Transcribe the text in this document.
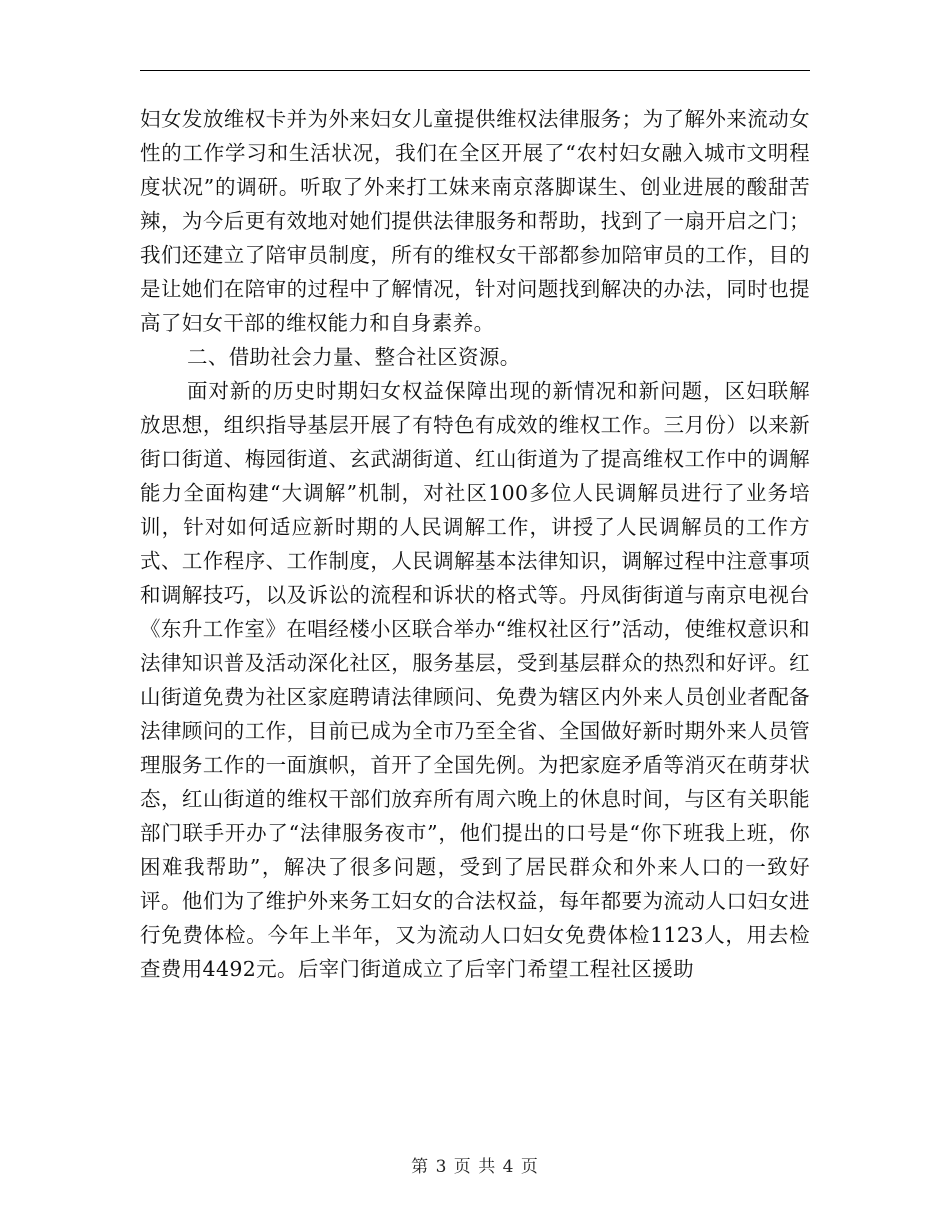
妇女发放维权卡并为外来妇女儿童提供维权法律服务；为了解外来流动女性的工作学习和生活状况，我们在全区开展了“农村妇女融入城市文明程度状况”的调研。听取了外来打工妹来南京落脚谋生、创业进展的酸甜苦辣，为今后更有效地对她们提供法律服务和帮助，找到了一扇开启之门；我们还建立了陪审员制度，所有的维权女干部都参加陪审员的工作，目的是让她们在陪审的过程中了解情况，针对问题找到解决的办法，同时也提高了妇女干部的维权能力和自身素养。

二、借助社会力量、整合社区资源。

面对新的历史时期妇女权益保障出现的新情况和新问题，区妇联解放思想，组织指导基层开展了有特色有成效的维权工作。三月份）以来新街口街道、梅园街道、玄武湖街道、红山街道为了提高维权工作中的调解能力全面构建“大调解”机制，对社区100多位人民调解员进行了业务培训，针对如何适应新时期的人民调解工作，讲授了人民调解员的工作方式、工作程序、工作制度，人民调解基本法律知识，调解过程中注意事项和调解技巧，以及诉讼的流程和诉状的格式等。丹凤街街道与南京电视台《东升工作室》在唱经楼小区联合举办“维权社区行”活动，使维权意识和法律知识普及活动深化社区，服务基层，受到基层群众的热烈和好评。红山街道免费为社区家庭聘请法律顾问、免费为辖区内外来人员创业者配备法律顾问的工作，目前已成为全市乃至全省、全国做好新时期外来人员管理服务工作的一面旗帜，首开了全国先例。为把家庭矛盾等消灭在萌芽状态，红山街道的维权干部们放弃所有周六晚上的休息时间，与区有关职能部门联手开办了“法律服务夜市”，他们提出的口号是“你下班我上班，你困难我帮助”，解决了很多问题，受到了居民群众和外来人口的一致好评。他们为了维护外来务工妇女的合法权益，每年都要为流动人口妇女进行免费体检。今年上半年，又为流动人口妇女免费体检1123人，用去检查费用4492元。后宰门街道成立了后宰门希望工程社区援助

第 3 页 共 4 页
